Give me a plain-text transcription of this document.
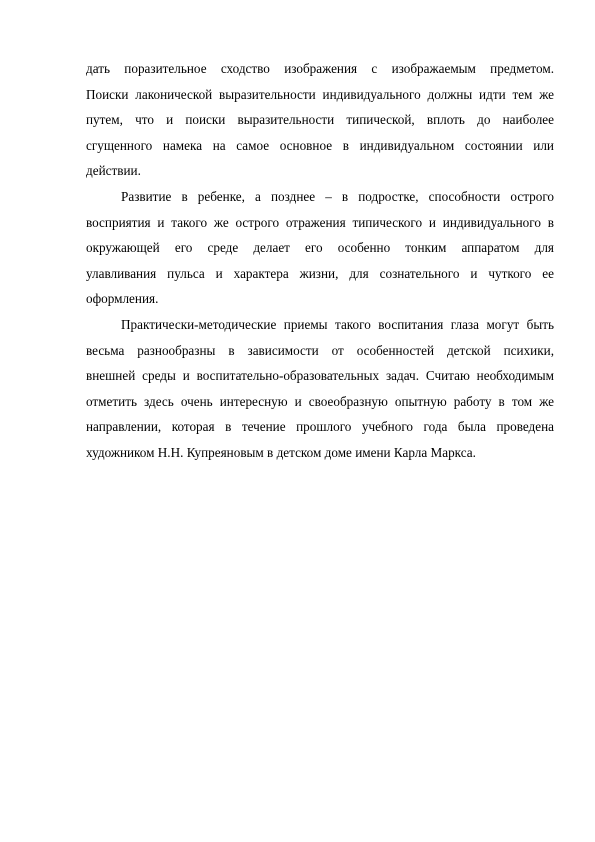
дать поразительное сходство изображения с изображаемым предметом.
Поиски лаконической выразительности индивидуального должны идти тем же
путем, что и поиски выразительности типической, вплоть до наиболее
сгущенного намека на самое основное в индивидуальном состоянии или
действии.
Развитие в ребенке, а позднее – в подростке, способности острого
восприятия и такого же острого отражения типического и индивидуального в
окружающей его среде делает его особенно тонким аппаратом для
улавливания пульса и характера жизни, для сознательного и чуткого ее
оформления.
Практически-методические приемы такого воспитания глаза могут быть
весьма разнообразны в зависимости от особенностей детской психики,
внешней среды и воспитательно-образовательных задач. Считаю необходимым
отметить здесь очень интересную и своеобразную опытную работу в том же
направлении, которая в течение прошлого учебного года была проведена
художником Н.Н. Купреяновым в детском доме имени Карла Маркса.
